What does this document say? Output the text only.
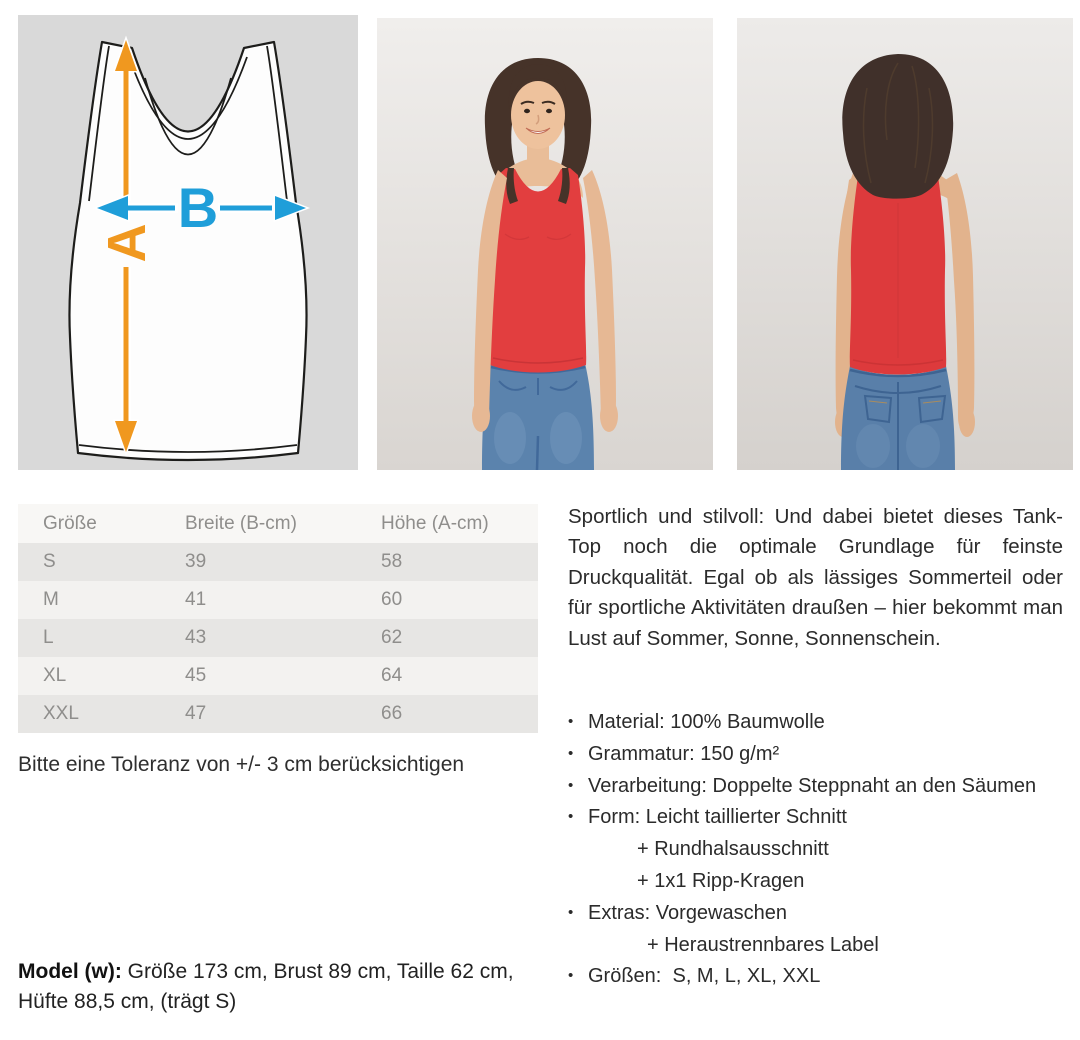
A
B
Größe	Breite (B-cm)	Höhe (A-cm)
S	39	58
M	41	60
L	43	62
XL	45	64
XXL	47	66
Bitte eine Toleranz von +/- 3 cm berücksichtigen
Model (w): Größe 173 cm, Brust 89 cm, Taille 62 cm, Hüfte 88,5 cm, (trägt S)
Sportlich und stilvoll: Und dabei bietet dieses Tank-Top noch die optimale Grundlage für feinste Druckqualität. Egal ob als lässiges Sommerteil oder für sportliche Aktivitäten draußen – hier bekommt man Lust auf Sommer, Sonne, Sonnenschein.
• Material: 100% Baumwolle
• Grammatur: 150 g/m²
• Verarbeitung: Doppelte Steppnaht an den Säumen
• Form: Leicht taillierter Schnitt
+ Rundhalsausschnitt
+ 1x1 Ripp-Kragen
• Extras: Vorgewaschen
+ Heraustrennbares Label
• Größen:  S, M, L, XL, XXL
